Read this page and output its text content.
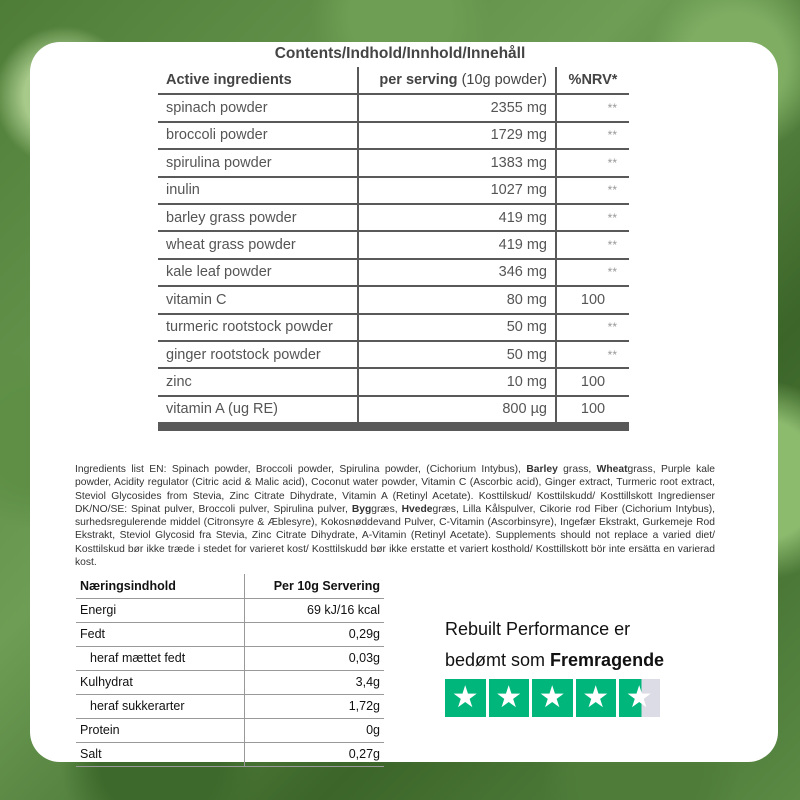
Contents/Indhold/Innhold/Innehåll
Active ingredients	per serving (10g powder)	%NRV*
spinach powder	2355 mg	**
broccoli powder	1729 mg	**
spirulina powder	1383 mg	**
inulin	1027 mg	**
barley grass powder	419 mg	**
wheat grass powder	419 mg	**
kale leaf powder	346 mg	**
vitamin C	80 mg	100
turmeric rootstock powder	50 mg	**
ginger rootstock powder	50 mg	**
zinc	10 mg	100
vitamin A (ug RE)	800 µg	100

Ingredients list EN: Spinach powder, Broccoli powder, Spirulina powder, (Cichorium Intybus), Barley grass, Wheatgrass, Purple kale powder, Acidity regulator (Citric acid & Malic acid), Coconut water powder, Vitamin C (Ascorbic acid), Ginger extract, Turmeric root extract, Steviol Glycosides from Stevia, Zinc Citrate Dihydrate, Vitamin A (Retinyl Acetate). Kosttilskud/ Kosttilskudd/ Kosttillskott Ingredienser DK/NO/SE: Spinat pulver, Broccoli pulver, Spirulina pulver, Byggræs, Hvedegræs, Lilla Kålspulver, Cikorie rod Fiber (Cichorium Intybus), surhedsregulerende middel (Citronsyre & Æblesyre), Kokosnøddevand Pulver, C-Vitamin (Ascorbinsyre), Ingefær Ekstrakt, Gurkemeje Rod Ekstrakt, Steviol Glycosid fra Stevia, Zinc Citrate Dihydrate, A-Vitamin (Retinyl Acetate). Supplements should not replace a varied diet/ Kosttilskud bør ikke træde i stedet for varieret kost/ Kosttilskudd bør ikke erstatte et variert kosthold/ Kosttillskott bör inte ersätta en varierad kost.
Næringsindhold	Per 10g Servering
Energi	69 kJ/16 kcal
Fedt	0,29g
heraf mættet fedt	0,03g
Kulhydrat	3,4g
heraf sukkerarter	1,72g
Protein	0g
Salt	0,27g
Rebuilt Performance er
bedømt som Fremragende
★ ★ ★ ★ ★
